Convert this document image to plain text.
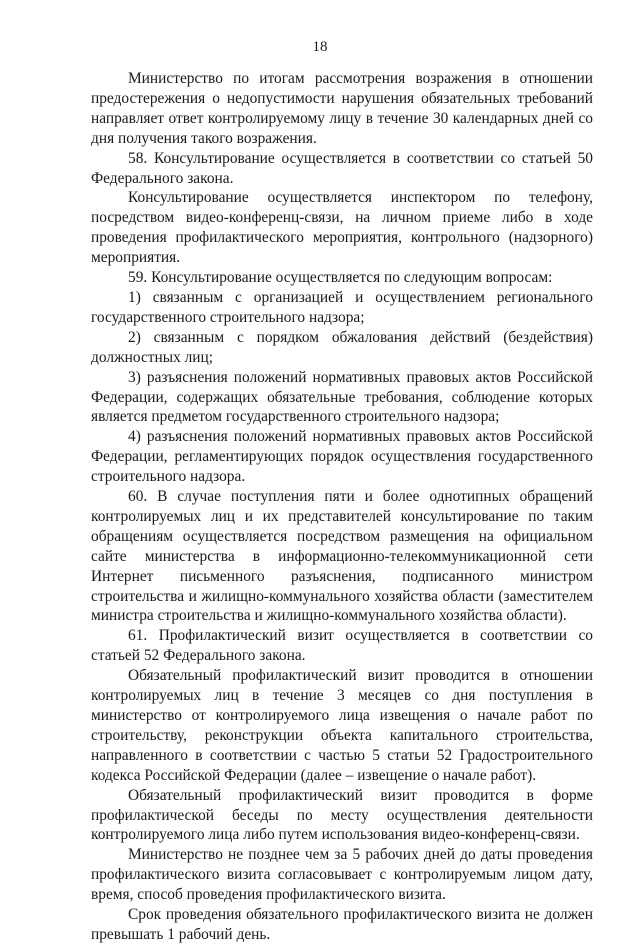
18

Министерство по итогам рассмотрения возражения в отношении предостережения о недопустимости нарушения обязательных требований направляет ответ контролируемому лицу в течение 30 календарных дней со дня получения такого возражения.

58. Консультирование осуществляется в соответствии со статьей 50 Федерального закона.

Консультирование осуществляется инспектором по телефону, посредством видео-конференц-связи, на личном приеме либо в ходе проведения профилактического мероприятия, контрольного (надзорного) мероприятия.

59. Консультирование осуществляется по следующим вопросам:

1) связанным с организацией и осуществлением регионального государственного строительного надзора;

2) связанным с порядком обжалования действий (бездействия) должностных лиц;

3) разъяснения положений нормативных правовых актов Российской Федерации, содержащих обязательные требования, соблюдение которых является предметом государственного строительного надзора;

4) разъяснения положений нормативных правовых актов Российской Федерации, регламентирующих порядок осуществления государственного строительного надзора.

60. В случае поступления пяти и более однотипных обращений контролируемых лиц и их представителей консультирование по таким обращениям осуществляется посредством размещения на официальном сайте министерства в информационно-телекоммуникационной сети Интернет письменного разъяснения, подписанного министром строительства и жилищно-коммунального хозяйства области (заместителем министра строительства и жилищно-коммунального хозяйства области).

61. Профилактический визит осуществляется в соответствии со статьей 52 Федерального закона.

Обязательный профилактический визит проводится в отношении контролируемых лиц в течение 3 месяцев со дня поступления в министерство от контролируемого лица извещения о начале работ по строительству, реконструкции объекта капитального строительства, направленного в соответствии с частью 5 статьи 52 Градостроительного кодекса Российской Федерации (далее – извещение о начале работ).

Обязательный профилактический визит проводится в форме профилактической беседы по месту осуществления деятельности контролируемого лица либо путем использования видео-конференц-связи.

Министерство не позднее чем за 5 рабочих дней до даты проведения профилактического визита согласовывает с контролируемым лицом дату, время, способ проведения профилактического визита.

Срок проведения обязательного профилактического визита не должен превышать 1 рабочий день.
